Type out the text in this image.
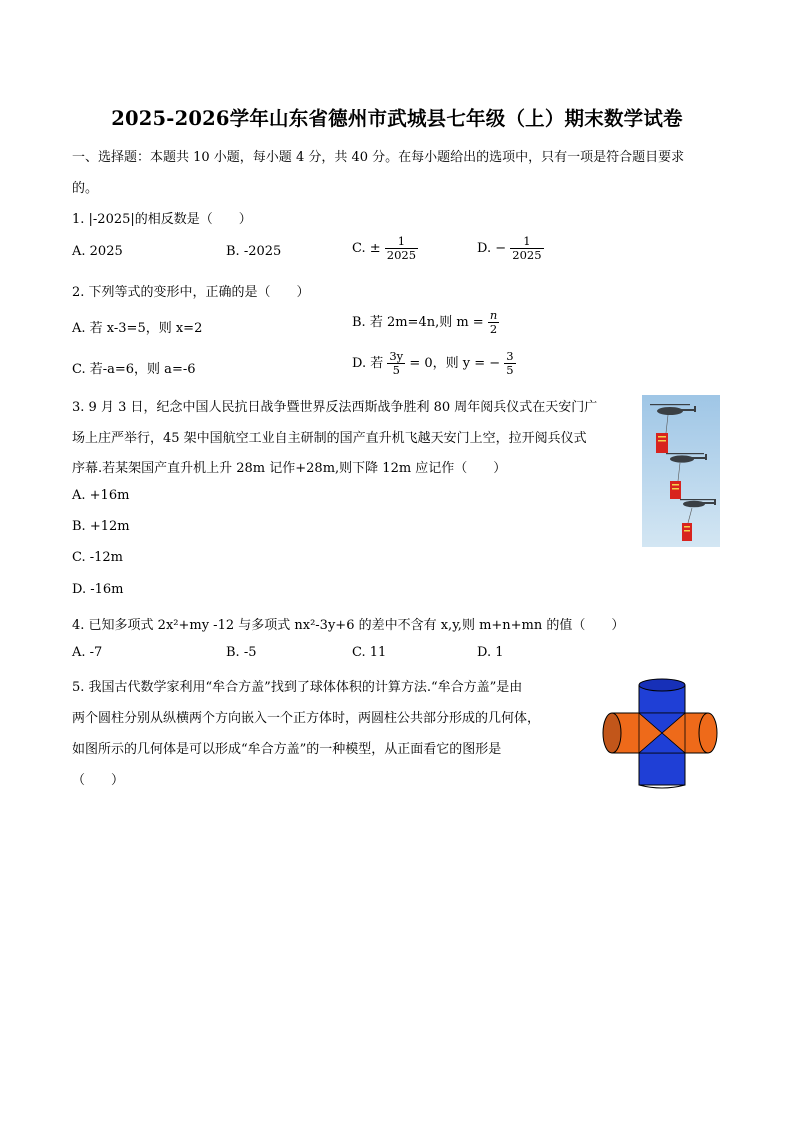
2025-2026学年山东省德州市武城县七年级（上）期末数学试卷
一、选择题：本题共 10 小题，每小题 4 分，共 40 分。在每小题给出的选项中，只有一项是符合题目要求
的。
1. |-2025|的相反数是（　　）
A. 2025	B. -2025	C. ± $\frac{1}{2025}$	D. − $\frac{1}{2025}$
2. 下列等式的变形中，正确的是（　　）
A. 若 x-3=5，则 x=2	B. 若 2m=4n,则 $m = \frac{n}{2}$
C. 若-a=6，则 a=-6	D. 若 $\frac{3y}{5} = 0$，则 y = − $\frac{3}{5}$
3. 9 月 3 日，纪念中国人民抗日战争暨世界反法西斯战争胜利 80 周年阅兵仪式在天安门广
场上庄严举行，45 架中国航空工业自主研制的国产直升机飞越天安门上空，拉开阅兵仪式
序幕.若某架国产直升机上升 28m 记作+28m,则下降 12m 应记作（　　）
A. +16m
B. +12m
C. -12m
D. -16m
4. 已知多项式 2x²+my -12 与多项式 nx²-3y+6 的差中不含有 x,y,则 m+n+mn 的值（　　）
A. -7	B. -5	C. 11	D. 1
5. 我国古代数学家利用“牟合方盖”找到了球体体积的计算方法.“牟合方盖”是由
两个圆柱分别从纵横两个方向嵌入一个正方体时，两圆柱公共部分形成的几何体，
如图所示的几何体是可以形成“牟合方盖”的一种模型，从正面看它的图形是
（　　）
